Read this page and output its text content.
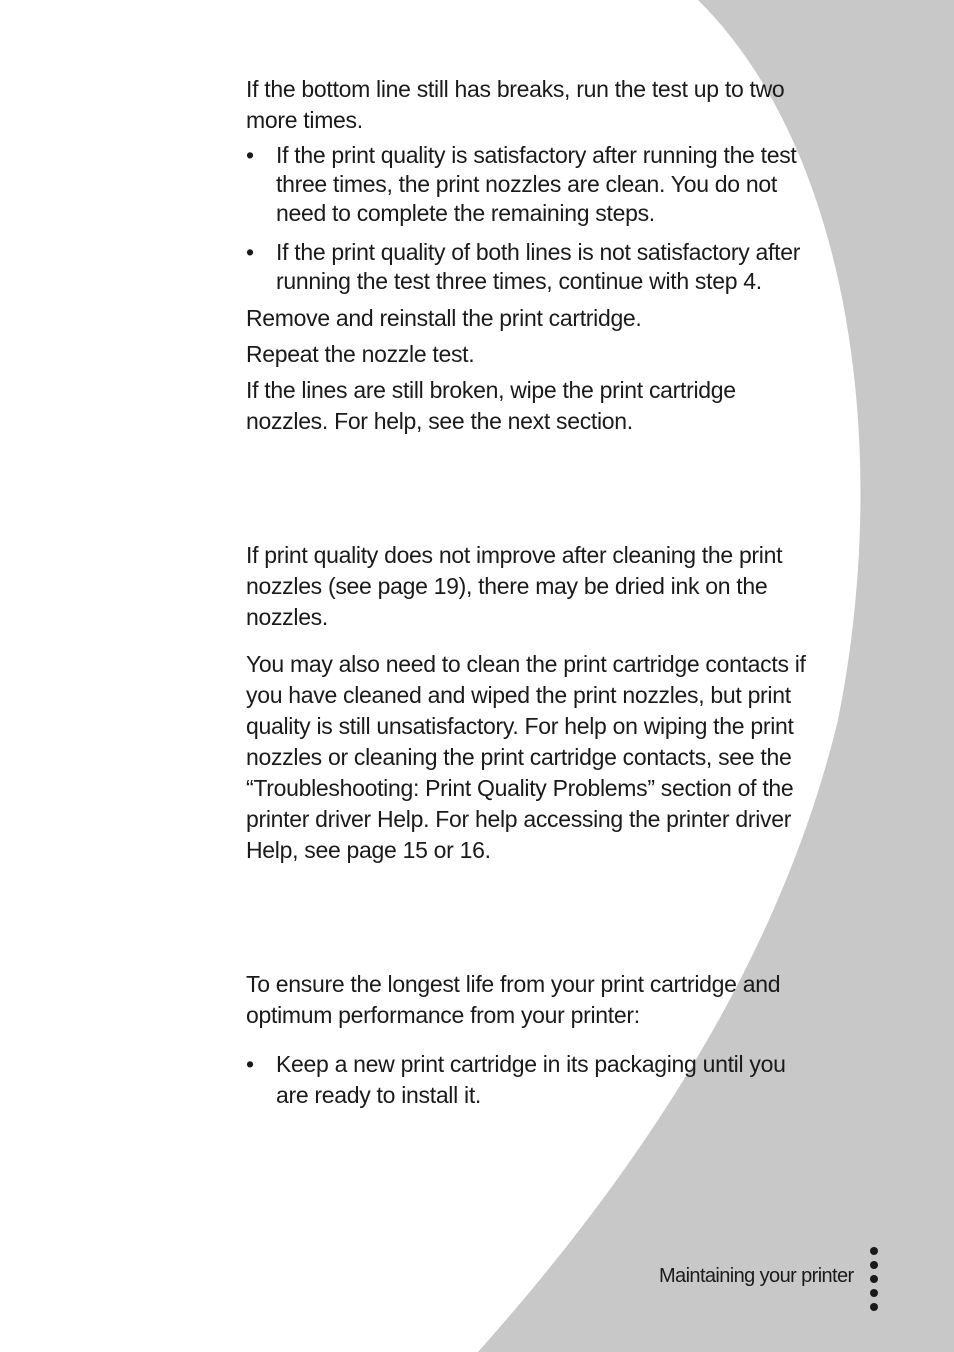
If the bottom line still has breaks, run the test up to two more times.

• If the print quality is satisfactory after running the test three times, the print nozzles are clean. You do not need to complete the remaining steps.
• If the print quality of both lines is not satisfactory after running the test three times, continue with step 4.

Remove and reinstall the print cartridge.

Repeat the nozzle test.

If the lines are still broken, wipe the print cartridge nozzles. For help, see the next section.

If print quality does not improve after cleaning the print nozzles (see page 19), there may be dried ink on the nozzles.

You may also need to clean the print cartridge contacts if you have cleaned and wiped the print nozzles, but print quality is still unsatisfactory. For help on wiping the print nozzles or cleaning the print cartridge contacts, see the “Troubleshooting: Print Quality Problems” section of the printer driver Help. For help accessing the printer driver Help, see page 15 or 16.

To ensure the longest life from your print cartridge and optimum performance from your printer:

• Keep a new print cartridge in its packaging until you are ready to install it.
Maintaining your printer
